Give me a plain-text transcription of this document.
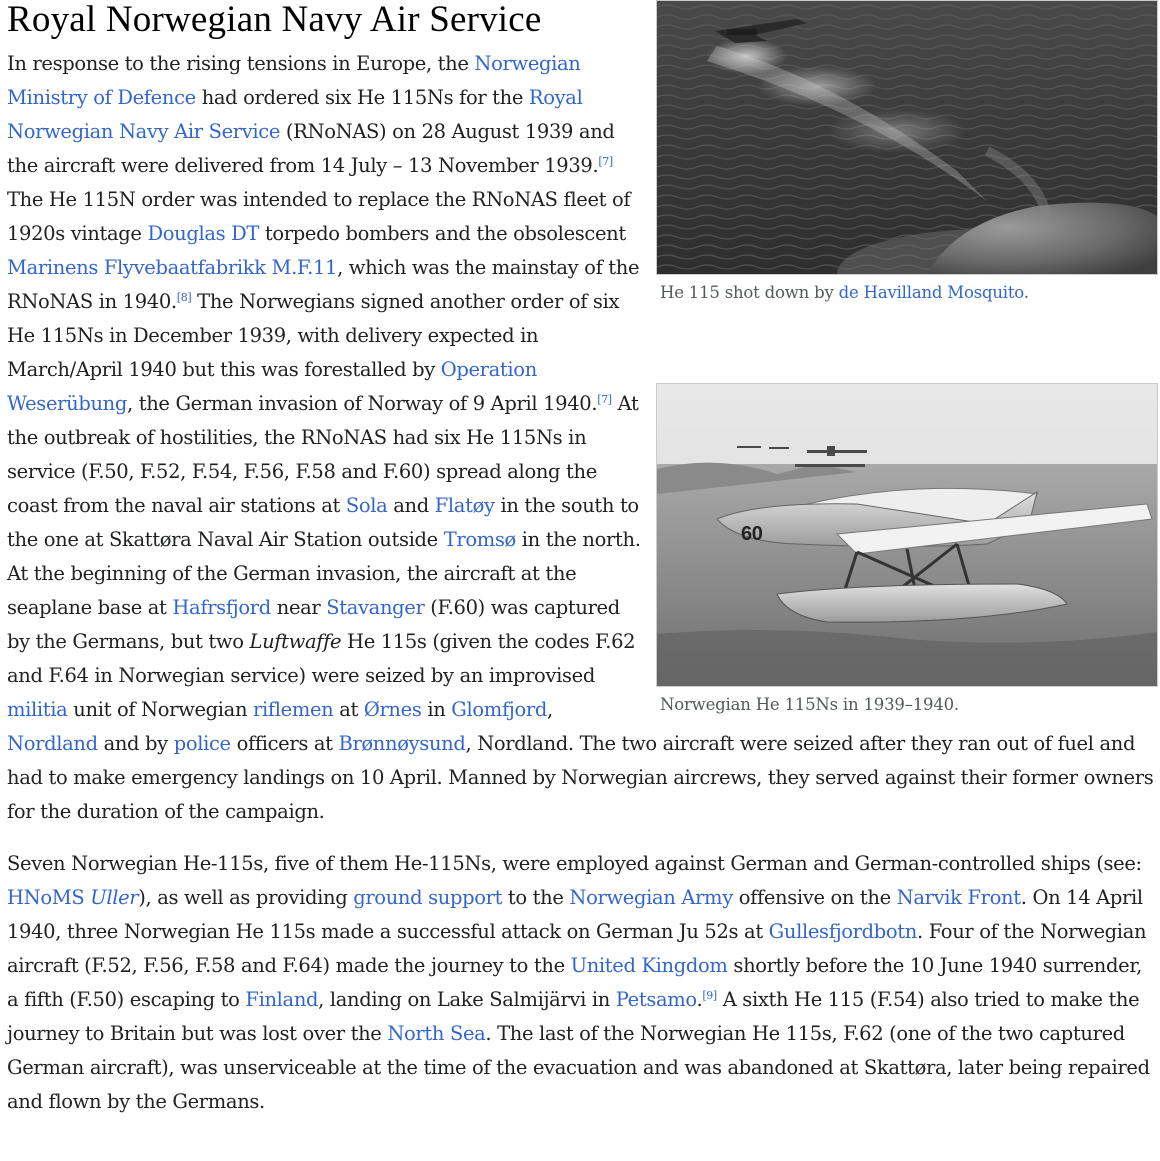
Royal Norwegian Navy Air Service
He 115 shot down by de Havilland Mosquito.
60
Norwegian He 115Ns in 1939–1940.

In response to the rising tensions in Europe, the Norwegian Ministry of Defence had ordered six He 115Ns for the Royal Norwegian Navy Air Service (RNoNAS) on 28 August 1939 and the aircraft were delivered from 14 July – 13 November 1939.[7] The He 115N order was intended to replace the RNoNAS fleet of 1920s vintage Douglas DT torpedo bombers and the obsolescent Marinens Flyvebaatfabrikk M.F.11, which was the mainstay of the RNoNAS in 1940.[8] The Norwegians signed another order of six He 115Ns in December 1939, with delivery expected in March/April 1940 but this was forestalled by Operation Weserübung, the German invasion of Norway of 9 April 1940.[7] At the outbreak of hostilities, the RNoNAS had six He 115Ns in service (F.50, F.52, F.54, F.56, F.58 and F.60) spread along the coast from the naval air stations at Sola and Flatøy in the south to the one at Skattøra Naval Air Station outside Tromsø in the north. At the beginning of the German invasion, the aircraft at the seaplane base at Hafrsfjord near Stavanger (F.60) was captured by the Germans, but two Luftwaffe He 115s (given the codes F.62 and F.64 in Norwegian service) were seized by an improvised militia unit of Norwegian riflemen at Ørnes in Glomfjord, Nordland and by police officers at Brønnøysund, Nordland. The two aircraft were seized after they ran out of fuel and had to make emergency landings on 10 April. Manned by Norwegian aircrews, they served against their former owners for the duration of the campaign.

Seven Norwegian He-115s, five of them He-115Ns, were employed against German and German-controlled ships (see: HNoMS Uller), as well as providing ground support to the Norwegian Army offensive on the Narvik Front. On 14 April 1940, three Norwegian He 115s made a successful attack on German Ju 52s at Gullesfjordbotn. Four of the Norwegian aircraft (F.52, F.56, F.58 and F.64) made the journey to the United Kingdom shortly before the 10 June 1940 surrender, a fifth (F.50) escaping to Finland, landing on Lake Salmijärvi in Petsamo.[9] A sixth He 115 (F.54) also tried to make the journey to Britain but was lost over the North Sea. The last of the Norwegian He 115s, F.62 (one of the two captured German aircraft), was unserviceable at the time of the evacuation and was abandoned at Skattøra, later being repaired and flown by the Germans.
